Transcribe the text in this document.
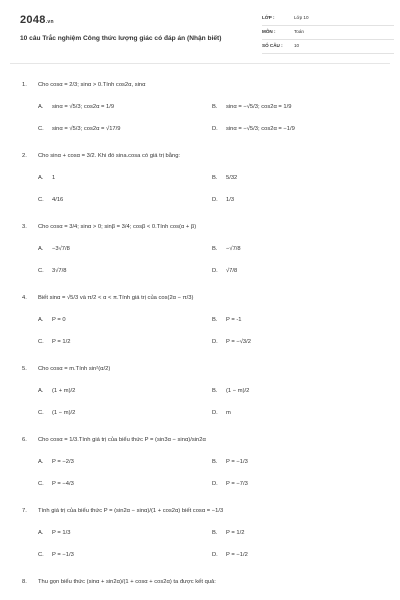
2048.vn
10 câu Trắc nghiệm Công thức lượng giác có đáp án (Nhận biết)
LỚP :	Lớp 10
MÔN :	Toán
SỐ CÂU : 10
1. Cho cosα = 2/3; sinα > 0.Tính cos2α, sinα
A. sinα = √5/3; cos2α = 1/9	B. sinα = −√5/3; cos2α = 1/9
C. sinα = √5/3; cos2α = √17/9	D. sinα = −√5/3; cos2α = −1/9
2. Cho sinα + cosα = 3/2. Khi đó sina.cosa có giá trị bằng:
A. 1	B. 5/32
C. 4/16	D. 1/3
3. Cho cosα = 3/4; sinα > 0; sinβ = 3/4; cosβ < 0.Tính cos(α + β)
A. −3√7/8	B. −√7/8
C. 3√7/8	D. √7/8
4. Biết sinα = √5/3 và π/2 < α < π.Tính giá trị của cos(2α − π/3)
A. P = 0	B. P = -1
C. P = 1/2	D. P = −√3/2
5. Cho cosα = m.Tính sin²(α/2)
A. (1 + m)/2	B. (1 − m)/2
C. (1 − m)/2	D. m
6. Cho cosα = 1/3.Tính giá trị của biểu thức P = (sin3α − sinα)/sin2α
A. P = −2/3	B. P = −1/3
C. P = −4/3	D. P = −7/3
7. Tính giá trị của biểu thức P = (sin2α − sinα)/(1 + cos2α) biết cosα = −1/3
A. P = 1/3	B. P = 1/2
C. P = −1/3	D. P = −1/2
8. Thu gọn biểu thức (sinα + sin2α)/(1 + cosα + cos2α) ta được kết quả:
